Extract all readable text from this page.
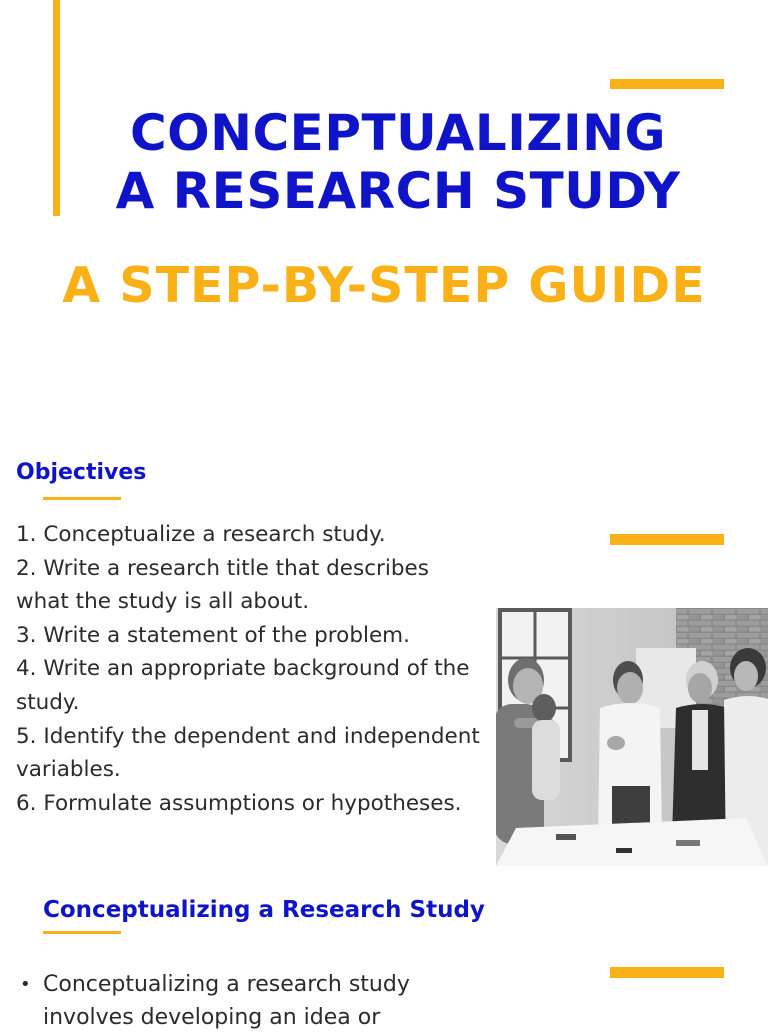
CONCEPTUALIZING
A RESEARCH STUDY
A STEP-BY-STEP GUIDE
Objectives
1. Conceptualize a research study.
2. Write a research title that describes what the study is all about.
3. Write a statement of the problem.
4. Write an appropriate background of the study.
5. Identify the dependent and independent variables.
6. Formulate assumptions or hypotheses.
Conceptualizing a Research Study
• Conceptualizing a research study involves developing an idea or
